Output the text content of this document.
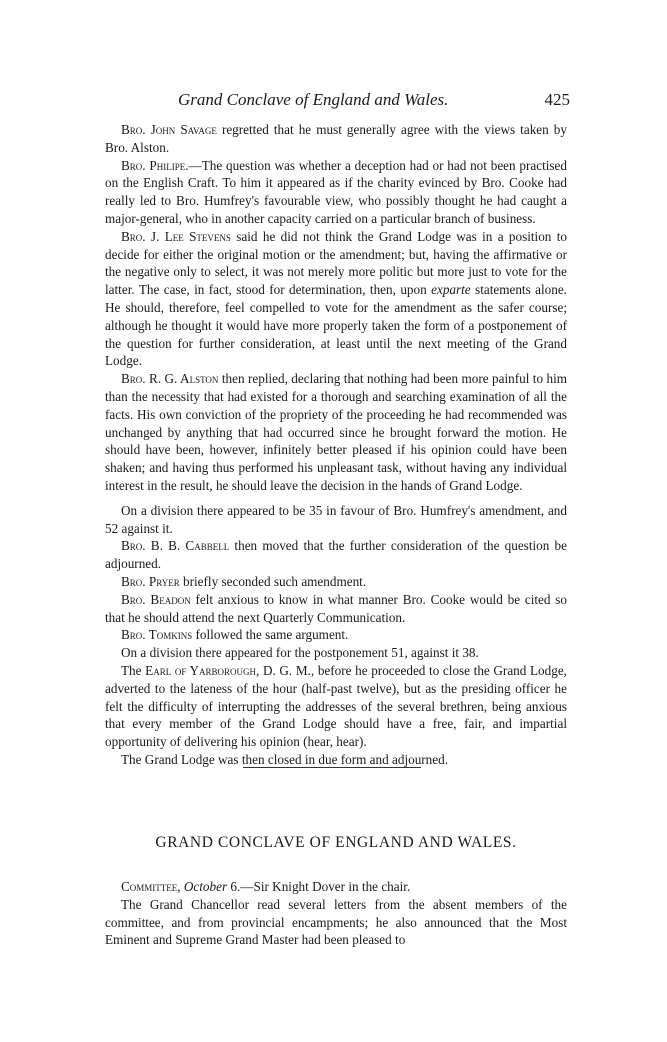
Grand Conclave of England and Wales.	425

Bro. John Savage regretted that he must generally agree with the views taken by Bro. Alston.

Bro. Philipe.—The question was whether a deception had or had not been practised on the English Craft. To him it appeared as if the charity evinced by Bro. Cooke had really led to Bro. Humfrey's favourable view, who possibly thought he had caught a major-general, who in another capacity carried on a particular branch of business.

Bro. J. Lee Stevens said he did not think the Grand Lodge was in a position to decide for either the original motion or the amendment; but, having the affirmative or the negative only to select, it was not merely more politic but more just to vote for the latter. The case, in fact, stood for determination, then, upon exparte statements alone. He should, therefore, feel compelled to vote for the amendment as the safer course; although he thought it would have more properly taken the form of a postponement of the question for further consideration, at least until the next meeting of the Grand Lodge.

Bro. R. G. Alston then replied, declaring that nothing had been more painful to him than the necessity that had existed for a thorough and searching examination of all the facts. His own conviction of the propriety of the proceeding he had recommended was unchanged by anything that had occurred since he brought forward the motion. He should have been, however, infinitely better pleased if his opinion could have been shaken; and having thus performed his unpleasant task, without having any individual interest in the result, he should leave the decision in the hands of Grand Lodge.

On a division there appeared to be 35 in favour of Bro. Humfrey's amendment, and 52 against it.

Bro. B. B. Cabbell then moved that the further consideration of the question be adjourned.

Bro. Pryer briefly seconded such amendment.

Bro. Beadon felt anxious to know in what manner Bro. Cooke would be cited so that he should attend the next Quarterly Communication.

Bro. Tomkins followed the same argument.

On a division there appeared for the postponement 51, against it 38.

The Earl of Yarborough, D. G. M., before he proceeded to close the Grand Lodge, adverted to the lateness of the hour (half-past twelve), but as the presiding officer he felt the difficulty of interrupting the addresses of the several brethren, being anxious that every member of the Grand Lodge should have a free, fair, and impartial opportunity of delivering his opinion (hear, hear).

The Grand Lodge was then closed in due form and adjourned.

GRAND CONCLAVE OF ENGLAND AND WALES.

Committee, October 6.—Sir Knight Dover in the chair.

The Grand Chancellor read several letters from the absent members of the committee, and from provincial encampments; he also announced that the Most Eminent and Supreme Grand Master had been pleased to
